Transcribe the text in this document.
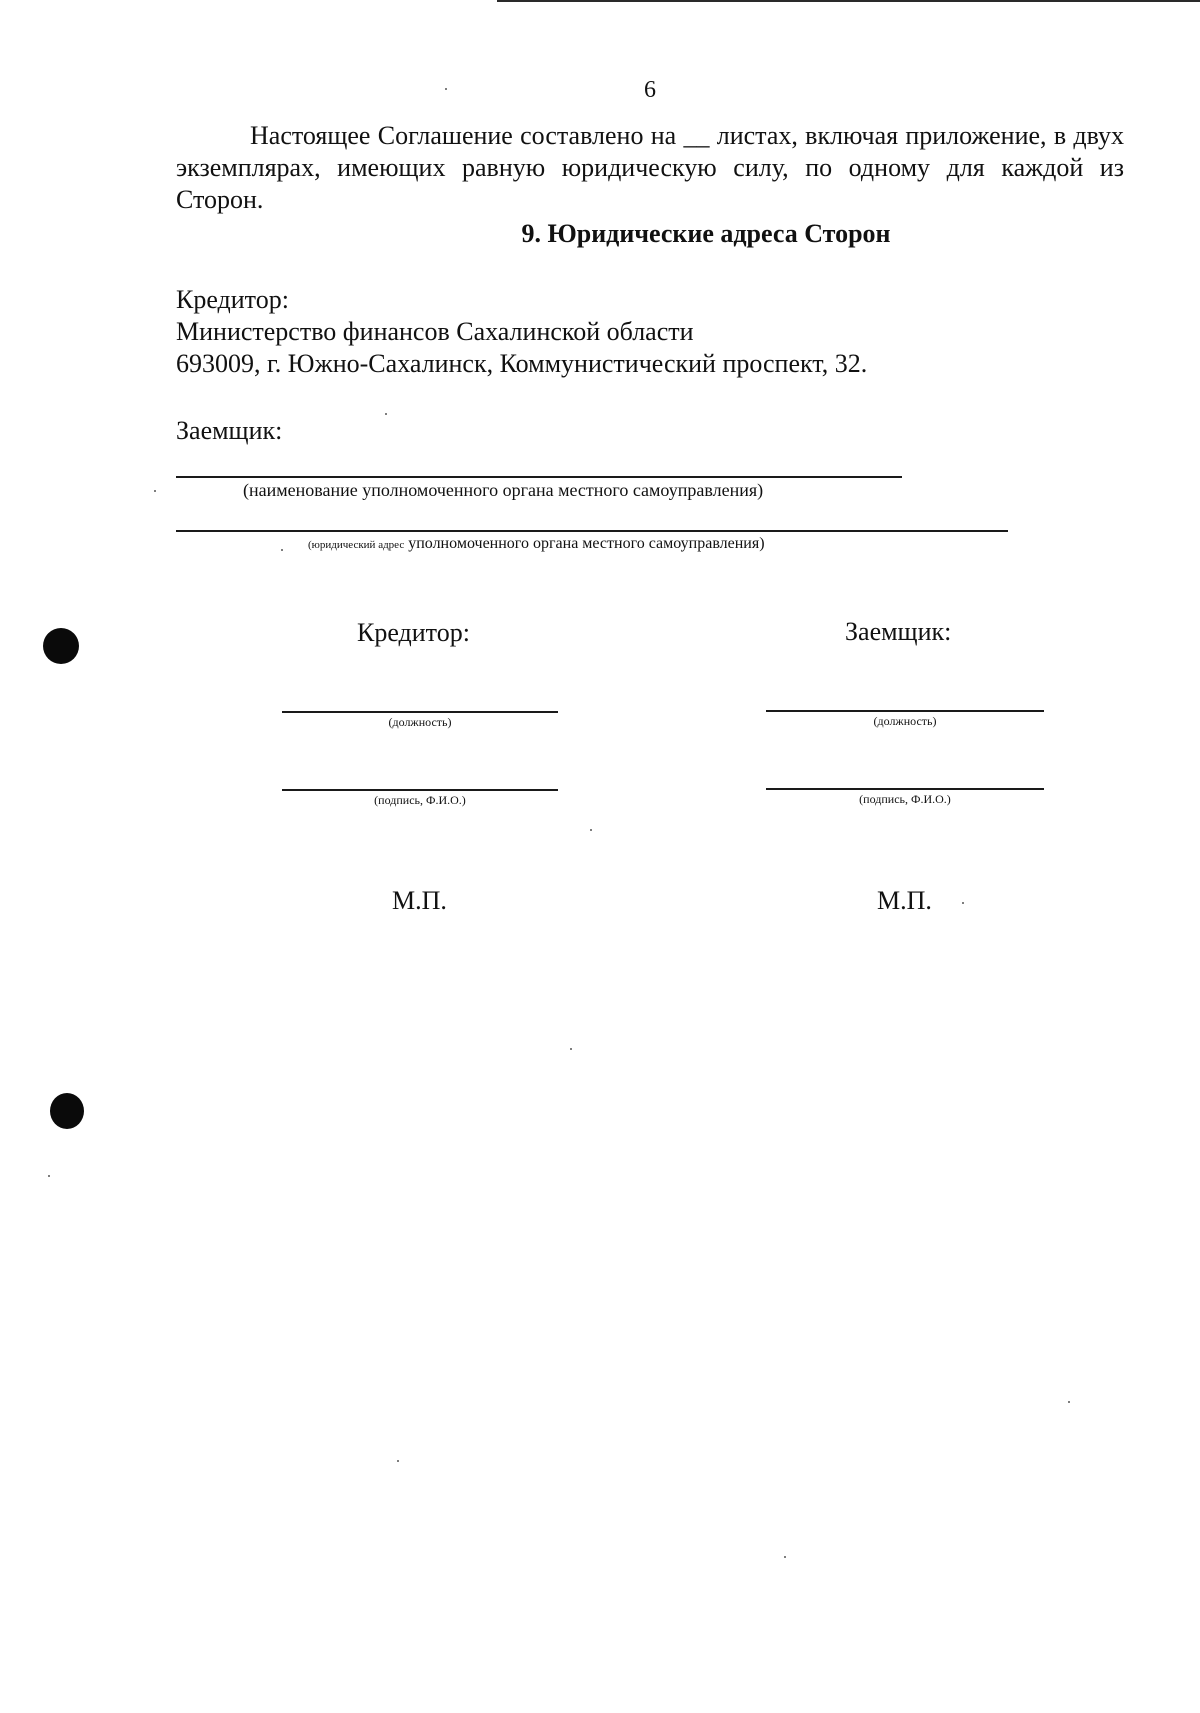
6

Настоящее Соглашение составлено на __ листах, включая приложение, в двух экземплярах, имеющих равную юридическую силу, по одному для каждой из Сторон.

9. Юридические адреса Сторон
Кредитор:
Министерство финансов Сахалинской области
693009, г. Южно-Сахалинск, Коммунистический проспект, 32.
Заемщик:
(наименование уполномоченного органа местного самоуправления)
(юридический адрес уполномоченного органа местного самоуправления)
Кредитор:	Заемщик:
(должность)	(должность)
(подпись, Ф.И.О.)	(подпись, Ф.И.О.)
М.П.	М.П.
